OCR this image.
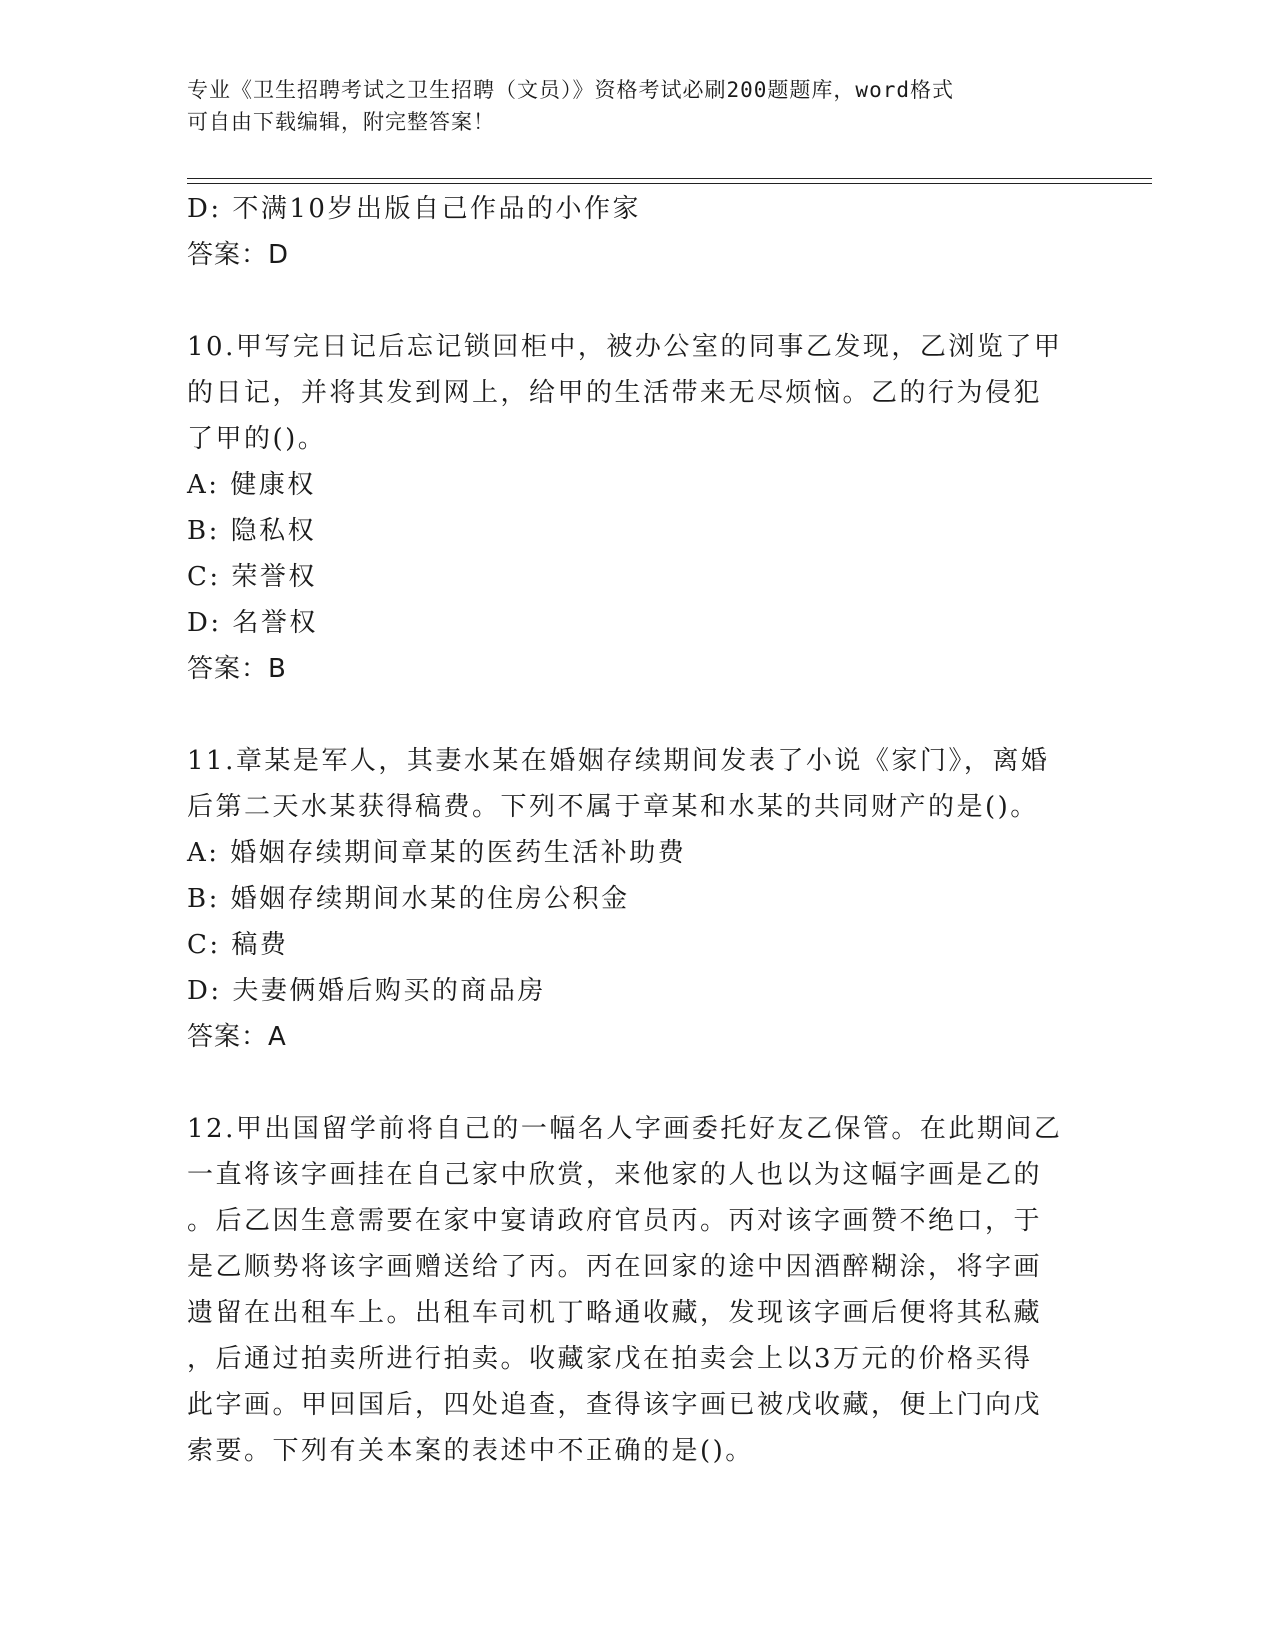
专业《卫生招聘考试之卫生招聘（文员）》资格考试必刷200题题库，word格式
可自由下载编辑，附完整答案！
D: 不满10岁出版自己作品的小作家
答案：D
10.甲写完日记后忘记锁回柜中，被办公室的同事乙发现，乙浏览了甲
的日记，并将其发到网上，给甲的生活带来无尽烦恼。乙的行为侵犯
了甲的()。
A: 健康权
B: 隐私权
C: 荣誉权
D: 名誉权
答案：B
11.章某是军人，其妻水某在婚姻存续期间发表了小说《家门》，离婚
后第二天水某获得稿费。下列不属于章某和水某的共同财产的是()。
A: 婚姻存续期间章某的医药生活补助费
B: 婚姻存续期间水某的住房公积金
C: 稿费
D: 夫妻俩婚后购买的商品房
答案：A
12.甲出国留学前将自己的一幅名人字画委托好友乙保管。在此期间乙
一直将该字画挂在自己家中欣赏，来他家的人也以为这幅字画是乙的
。后乙因生意需要在家中宴请政府官员丙。丙对该字画赞不绝口，于
是乙顺势将该字画赠送给了丙。丙在回家的途中因酒醉糊涂，将字画
遗留在出租车上。出租车司机丁略通收藏，发现该字画后便将其私藏
，后通过拍卖所进行拍卖。收藏家戊在拍卖会上以3万元的价格买得
此字画。甲回国后，四处追查，查得该字画已被戊收藏，便上门向戊
索要。下列有关本案的表述中不正确的是()。
